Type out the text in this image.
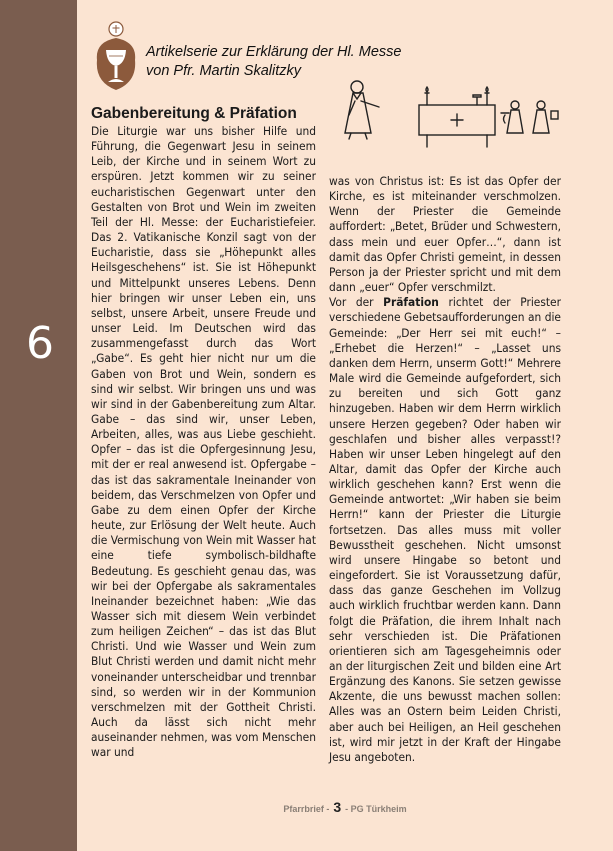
6
Artikelserie zur Erklärung der Hl. Messe
von Pfr. Martin Skalitzky
Gabenbereitung & Präfation

Die Liturgie war uns bisher Hilfe und Führung, die Gegenwart Jesu in seinem Leib, der Kirche und in seinem Wort zu erspüren. Jetzt kommen wir zu seiner eucharistischen Gegenwart unter den Gestalten von Brot und Wein im zweiten Teil der Hl. Messe: der Eucharistiefeier. Das 2. Vatikanische Konzil sagt von der Eucharistie, dass sie „Höhepunkt alles Heilsgeschehens“ ist. Sie ist Höhepunkt und Mittelpunkt unseres Lebens. Denn hier bringen wir unser Leben ein, uns selbst, unsere Arbeit, unsere Freude und unser Leid. Im Deutschen wird das zusammengefasst durch das Wort „Gabe“. Es geht hier nicht nur um die Gaben von Brot und Wein, sondern es sind wir selbst. Wir bringen uns und was wir sind in der Gabenbereitung zum Altar. Gabe – das sind wir, unser Leben, Arbeiten, alles, was aus Liebe geschieht. Opfer – das ist die Opfergesinnung Jesu, mit der er real anwesend ist. Opfergabe – das ist das sakramentale Ineinander von beidem, das Verschmelzen von Opfer und Gabe zu dem einen Opfer der Kirche heute, zur Erlösung der Welt heute. Auch die Vermischung von Wein mit Wasser hat eine tiefe symbolisch-bildhafte Bedeutung. Es geschieht genau das, was wir bei der Opfergabe als sakramentales Ineinander bezeichnet haben: „Wie das Wasser sich mit diesem Wein verbindet zum heiligen Zeichen“ – das ist das Blut Christi. Und wie Wasser und Wein zum Blut Christi werden und damit nicht mehr voneinander unterscheidbar und trennbar sind, so werden wir in der Kommunion verschmelzen mit der Gottheit Christi. Auch da lässt sich nicht mehr auseinander nehmen, was vom Menschen war und

was von Christus ist: Es ist das Opfer der Kirche, es ist miteinander verschmolzen. Wenn der Priester die Gemeinde auffordert: „Betet, Brüder und Schwestern, dass mein und euer Opfer…“, dann ist damit das Opfer Christi gemeint, in dessen Person ja der Priester spricht und mit dem dann „euer“ Opfer verschmilzt.

Vor der Präfation richtet der Priester verschiedene Gebetsaufforderungen an die Gemeinde: „Der Herr sei mit euch!“ – „Erhebet die Herzen!“ – „Lasset uns danken dem Herrn, unserm Gott!“ Mehrere Male wird die Gemeinde aufgefordert, sich zu bereiten und sich Gott ganz hinzugeben. Haben wir dem Herrn wirklich unsere Herzen gegeben? Oder haben wir geschlafen und bisher alles verpasst!? Haben wir unser Leben hingelegt auf den Altar, damit das Opfer der Kirche auch wirklich geschehen kann? Erst wenn die Gemeinde antwortet: „Wir haben sie beim Herrn!“ kann der Priester die Liturgie fortsetzen. Das alles muss mit voller Bewusstheit geschehen. Nicht umsonst wird unsere Hingabe so betont und eingefordert. Sie ist Voraussetzung dafür, dass das ganze Geschehen im Vollzug auch wirklich fruchtbar werden kann. Dann folgt die Präfation, die ihrem Inhalt nach sehr verschieden ist. Die Präfationen orientieren sich am Tagesgeheimnis oder an der liturgischen Zeit und bilden eine Art Ergänzung des Kanons. Sie setzen gewisse Akzente, die uns bewusst machen sollen: Alles was an Ostern beim Leiden Christi, aber auch bei Heiligen, an Heil geschehen ist, wird mir jetzt in der Kraft der Hingabe Jesu angeboten.

Pfarrbrief - 3 - PG Türkheim
